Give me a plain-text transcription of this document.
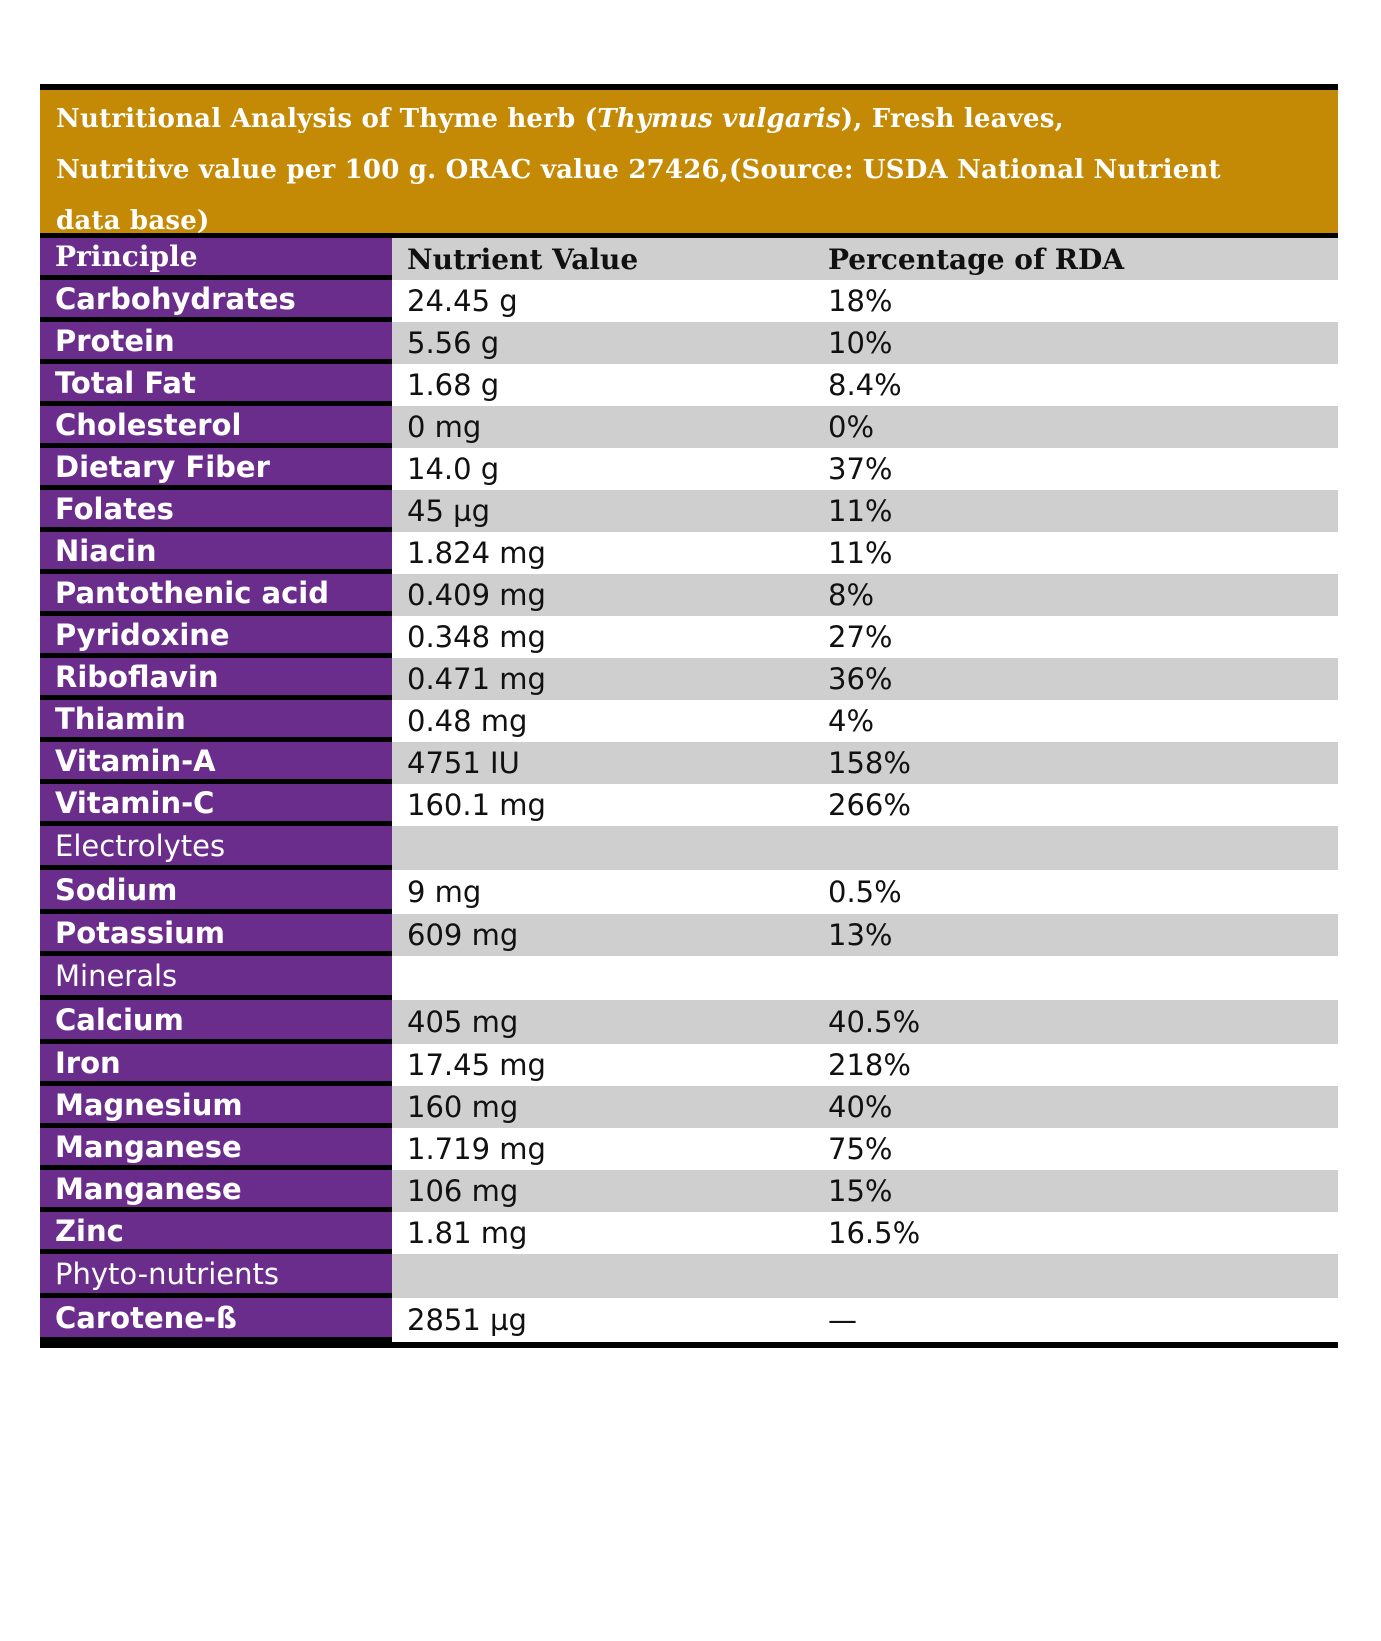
Nutritional Analysis of Thyme herb (Thymus vulgaris), Fresh leaves,
Nutritive value per 100 g. ORAC value 27426,(Source: USDA National Nutrient
data base)
Principle	Nutrient Value	Percentage of RDA
Carbohydrates	24.45 g	18%
Protein	5.56 g	10%
Total Fat	1.68 g	8.4%
Cholesterol	0 mg	0%
Dietary Fiber	14.0 g	37%
Folates	45 µg	11%
Niacin	1.824 mg	11%
Pantothenic acid	0.409 mg	8%
Pyridoxine	0.348 mg	27%
Riboflavin	0.471 mg	36%
Thiamin	0.48 mg	4%
Vitamin-A	4751 IU	158%
Vitamin-C	160.1 mg	266%
Electrolytes
Sodium	9 mg	0.5%
Potassium	609 mg	13%
Minerals
Calcium	405 mg	40.5%
Iron	17.45 mg	218%
Magnesium	160 mg	40%
Manganese	1.719 mg	75%
Manganese	106 mg	15%
Zinc	1.81 mg	16.5%
Phyto-nutrients
Carotene-ß	2851 µg	—
